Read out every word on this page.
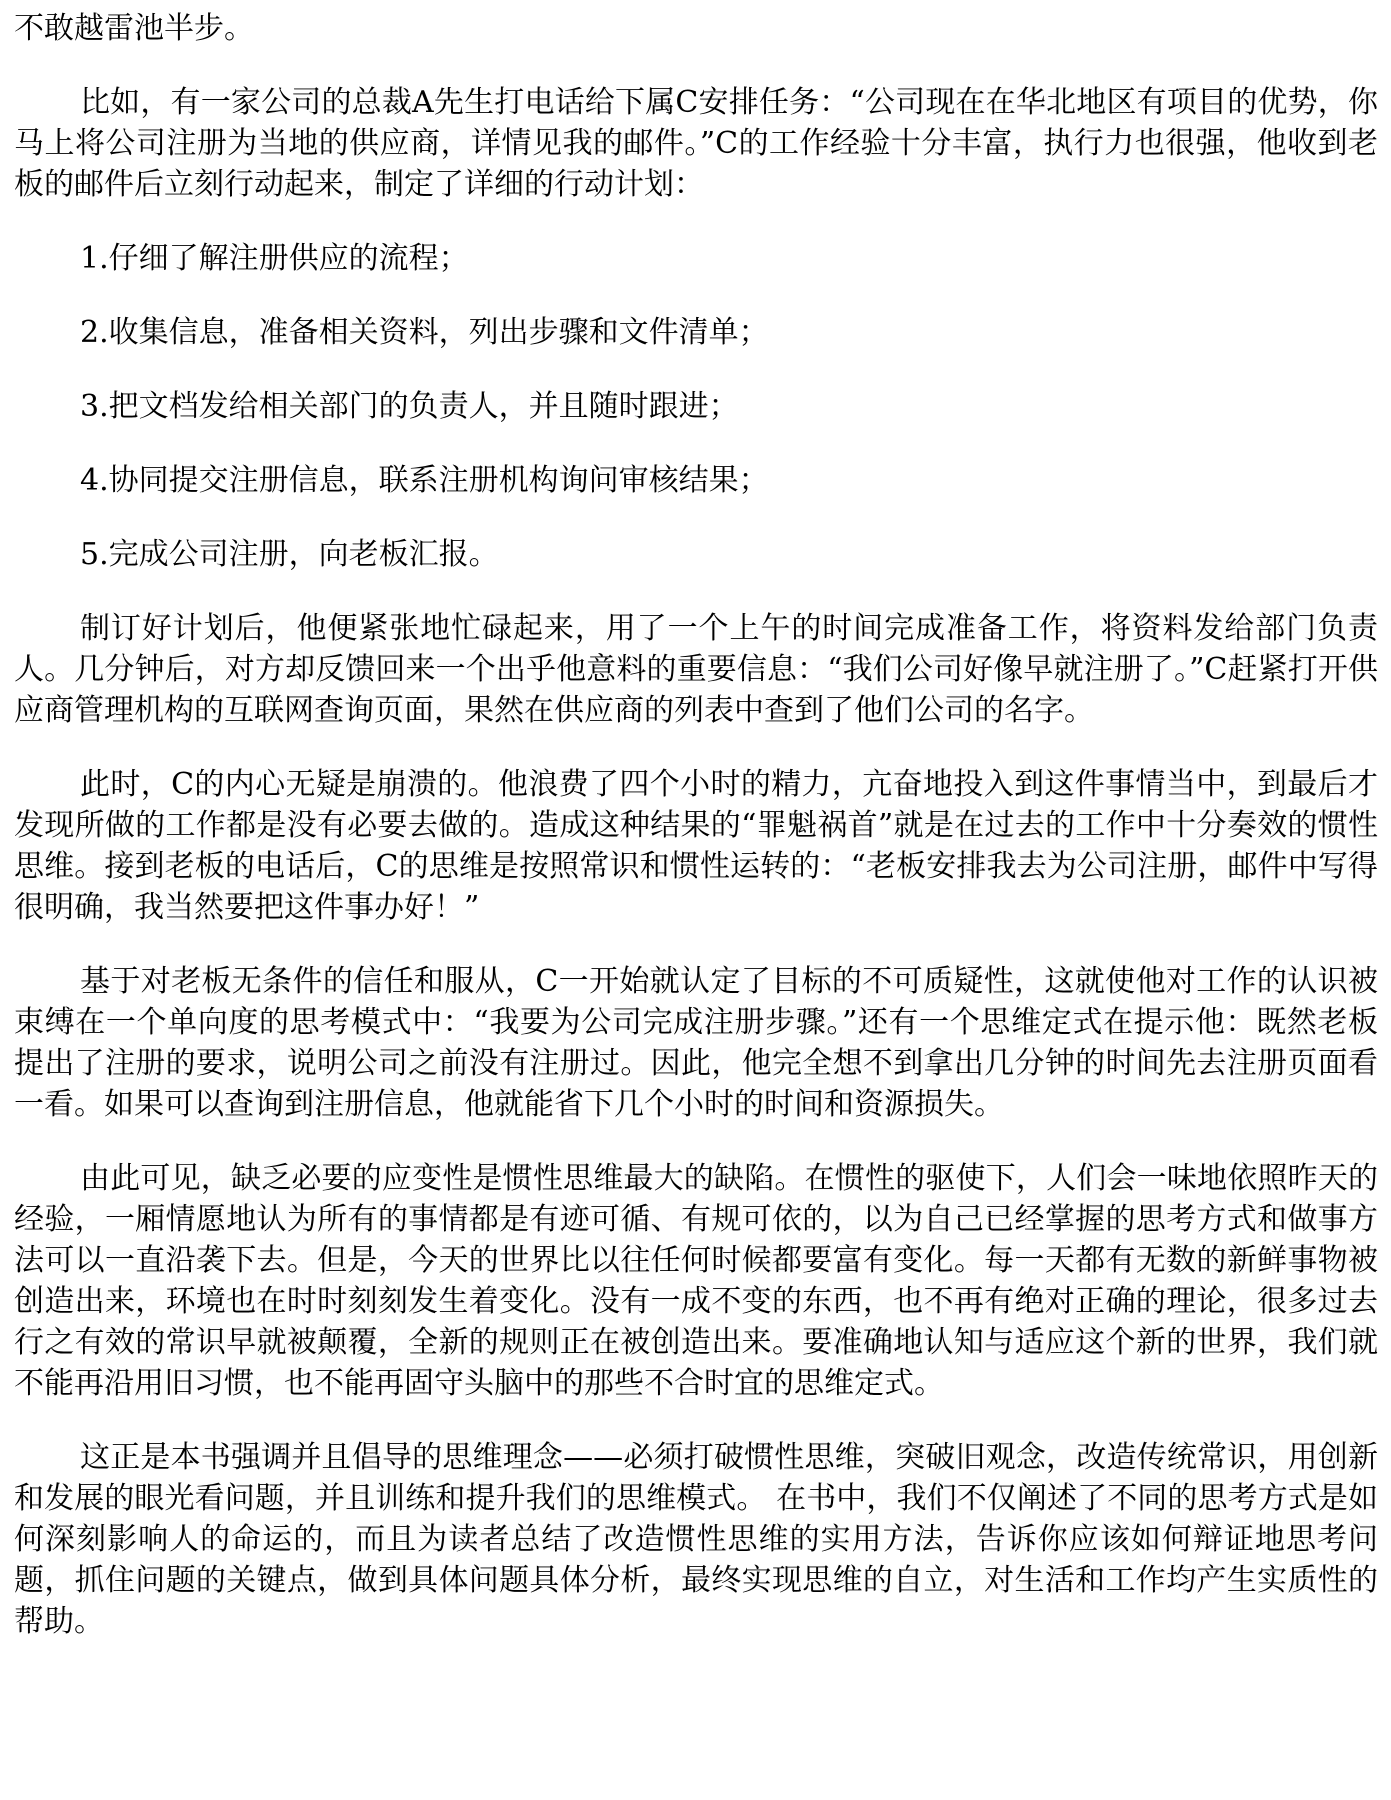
不敢越雷池半步。

比如，有一家公司的总裁A先生打电话给下属C安排任务：“公司现在在华北地区有项目的优势，你马上将公司注册为当地的供应商，详情见我的邮件。”C的工作经验十分丰富，执行力也很强，他收到老板的邮件后立刻行动起来，制定了详细的行动计划：

1.仔细了解注册供应的流程；

2.收集信息，准备相关资料，列出步骤和文件清单；

3.把文档发给相关部门的负责人，并且随时跟进；

4.协同提交注册信息，联系注册机构询问审核结果；

5.完成公司注册，向老板汇报。

制订好计划后，他便紧张地忙碌起来，用了一个上午的时间完成准备工作，将资料发给部门负责人。几分钟后，对方却反馈回来一个出乎他意料的重要信息：“我们公司好像早就注册了。”C赶紧打开供应商管理机构的互联网查询页面，果然在供应商的列表中查到了他们公司的名字。

此时，C的内心无疑是崩溃的。他浪费了四个小时的精力，亢奋地投入到这件事情当中，到最后才发现所做的工作都是没有必要去做的。造成这种结果的“罪魁祸首”就是在过去的工作中十分奏效的惯性思维。接到老板的电话后，C的思维是按照常识和惯性运转的：“老板安排我去为公司注册，邮件中写得很明确，我当然要把这件事办好！”

基于对老板无条件的信任和服从，C一开始就认定了目标的不可质疑性，这就使他对工作的认识被束缚在一个单向度的思考模式中：“我要为公司完成注册步骤。”还有一个思维定式在提示他：既然老板提出了注册的要求，说明公司之前没有注册过。因此，他完全想不到拿出几分钟的时间先去注册页面看一看。如果可以查询到注册信息，他就能省下几个小时的时间和资源损失。

由此可见，缺乏必要的应变性是惯性思维最大的缺陷。在惯性的驱使下，人们会一味地依照昨天的经验，一厢情愿地认为所有的事情都是有迹可循、有规可依的，以为自己已经掌握的思考方式和做事方法可以一直沿袭下去。但是，今天的世界比以往任何时候都要富有变化。每一天都有无数的新鲜事物被创造出来，环境也在时时刻刻发生着变化。没有一成不变的东西，也不再有绝对正确的理论，很多过去行之有效的常识早就被颠覆，全新的规则正在被创造出来。要准确地认知与适应这个新的世界，我们就不能再沿用旧习惯，也不能再固守头脑中的那些不合时宜的思维定式。

这正是本书强调并且倡导的思维理念——必须打破惯性思维，突破旧观念，改造传统常识，用创新和发展的眼光看问题，并且训练和提升我们的思维模式。 在书中，我们不仅阐述了不同的思考方式是如何深刻影响人的命运的，而且为读者总结了改造惯性思维的实用方法，告诉你应该如何辩证地思考问题，抓住问题的关键点，做到具体问题具体分析，最终实现思维的自立，对生活和工作均产生实质性的帮助。
